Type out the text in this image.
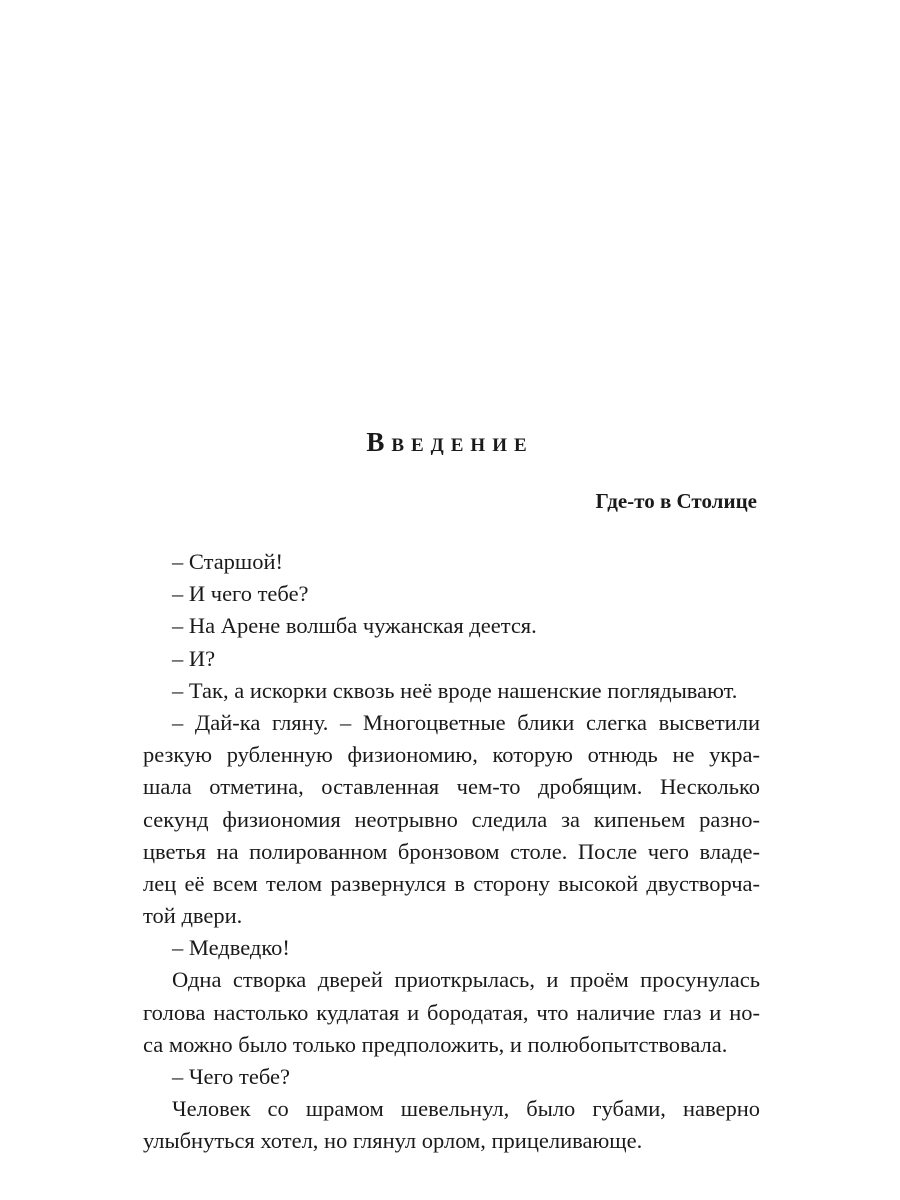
Введение
Где-то в Столице
– Старшой!
– И чего тебе?
– На Арене волшба чужанская деется.
– И?
– Так, а искорки сквозь неё вроде нашенские поглядывают.
– Дай-ка гляну. – Многоцветные блики слегка высветили
резкую рубленную физиономию, которую отнюдь не укра-
шала отметина, оставленная чем-то дробящим. Несколько
секунд физиономия неотрывно следила за кипеньем разно-
цветья на полированном бронзовом столе. После чего владе-
лец её всем телом развернулся в сторону высокой двустворча-
той двери.
– Медведко!
Одна створка дверей приоткрылась, и проём просунулась
голова настолько кудлатая и бородатая, что наличие глаз и но-
са можно было только предположить, и полюбопытствовала.
– Чего тебе?
Человек со шрамом шевельнул, было губами, наверно
улыбнуться хотел, но глянул орлом, прицеливающе.
